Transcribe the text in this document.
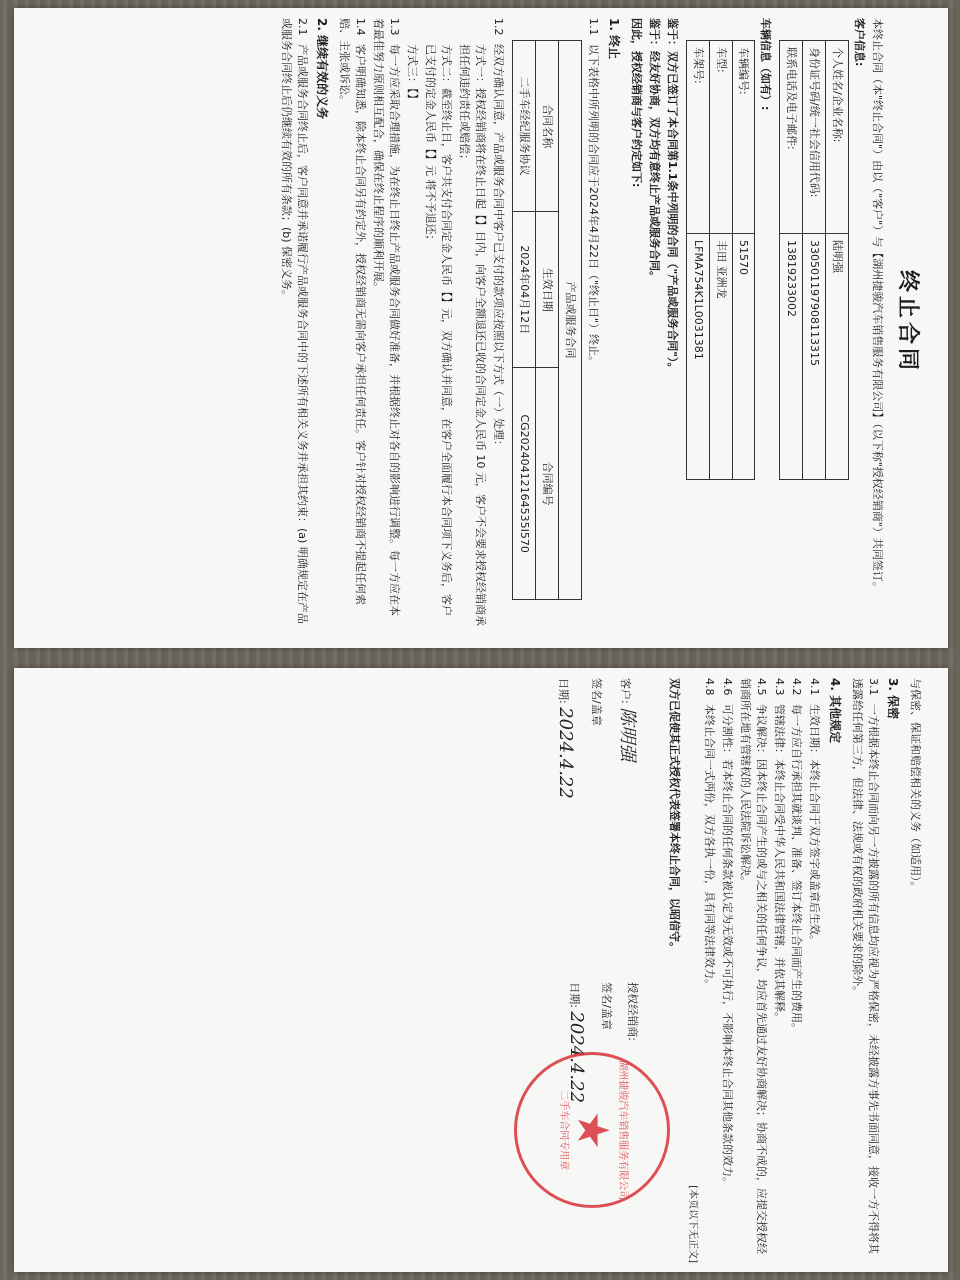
终止合同
本终止合同（本"终止合同"）由以（"客户"）与【湖州捷骏汽车销售服务有限公司】（以下称"授权经销商"）共同签订。
客户信息:
个人姓名/企业名称:	陆明强
身份证号码/统一社会信用代码:	330501197908113315
联系电话及电子邮件:	13819233002
车辆信息（如有）:
车辆编号:	51570
车型:	丰田 亚洲龙
车架号:	LFMA754K1L0031381
鉴于：双方已签订了本合同第1.1条中列明的合同（"产品或服务合同"）。
鉴于：经友好协商，双方均有意终止产品或服务合同。
因此，授权经销商与客户约定如下:
1. 终止
1.1以下表格中所列明的合同应于2024年4月22日（"终止日"）终止。
产品或服务合同		
合同名称	生效日期	合同编号
二手车经纪服务协议	2024年04月12日	CG20240412164535I570
1.2经双方确认同意，产品或服务合同中客户已支付的款项应按照以下方式（一）处理：
方式一：授权经销商将在终止日起【】日内，向客户全额退还已收的合同定金人民币 10 元，客户不会要求授权经销商承担任何违约责任或赔偿；
方式二：截至终止日，客户共支付合同定金人民币【】元，双方确认并同意，在客户全面履行本合同项下义务后，客户已支付的定金人民币【】元 将不予退还；
方式三：【】
1.3每一方应采取合理措施，为在终止日终止产品或服务合同做好准备，并根据终止对各自的影响进行调整。每一方应在本着最佳努力原则相互配合，确保在终止程序的顺利开展。
1.4客户明确知悉，除本终止合同另有约定外，授权经销商无需向客户承担任何责任。客户针对授权经销商不提起任何索赔、主张或诉讼。
2. 继续有效的义务
2.1产品或服务合同终止后，客户同意并承诺履行产品或服务合同中的下述所有相关义务并承担其约束：(a) 明确规定在产品或服务合同终止后仍继续有效的所有条款；(b) 保密义务。
与保密、保证和赔偿相关的义务（如适用）。
3. 保密
3.1一方根据本终止合同而向另一方披露的所有信息均应视为严格保密，未经披露方事先书面同意，接收一方不得将其透露给任何第三方，但法律、法规或有权的政府机关要求的除外。
4. 其他规定
4.1生效日期：本终止合同于双方签字或盖章后生效。
4.2每一方应自行承担其就谈判、准备、签订本终止合同而产生的费用。
4.3管辖法律：本终止合同受中华人民共和国法律管辖，并依其解释。
4.5争议解决：因本终止合同产生的或与之相关的任何争议，均应首先通过友好协商解决；协商不成的，应提交授权经销商所在地有管辖权的人民法院诉讼解决。
4.6可分割性：若本终止合同的任何条款被认定为无效或不可执行，不影响本终止合同其他条款的效力。
4.8本终止合同一式两份，双方各执一份，具有同等法律效力。
[本页以下无正文]
双方已促使其正式授权代表签署本终止合同，以昭信守。
客户: 陈明强
签名/盖章
日期: 2024.4.22
授权经销商:
签名/盖章
日期: 2024.4.22
湖州捷骏汽车销售服务有限公司
★
二手车合同专用章
